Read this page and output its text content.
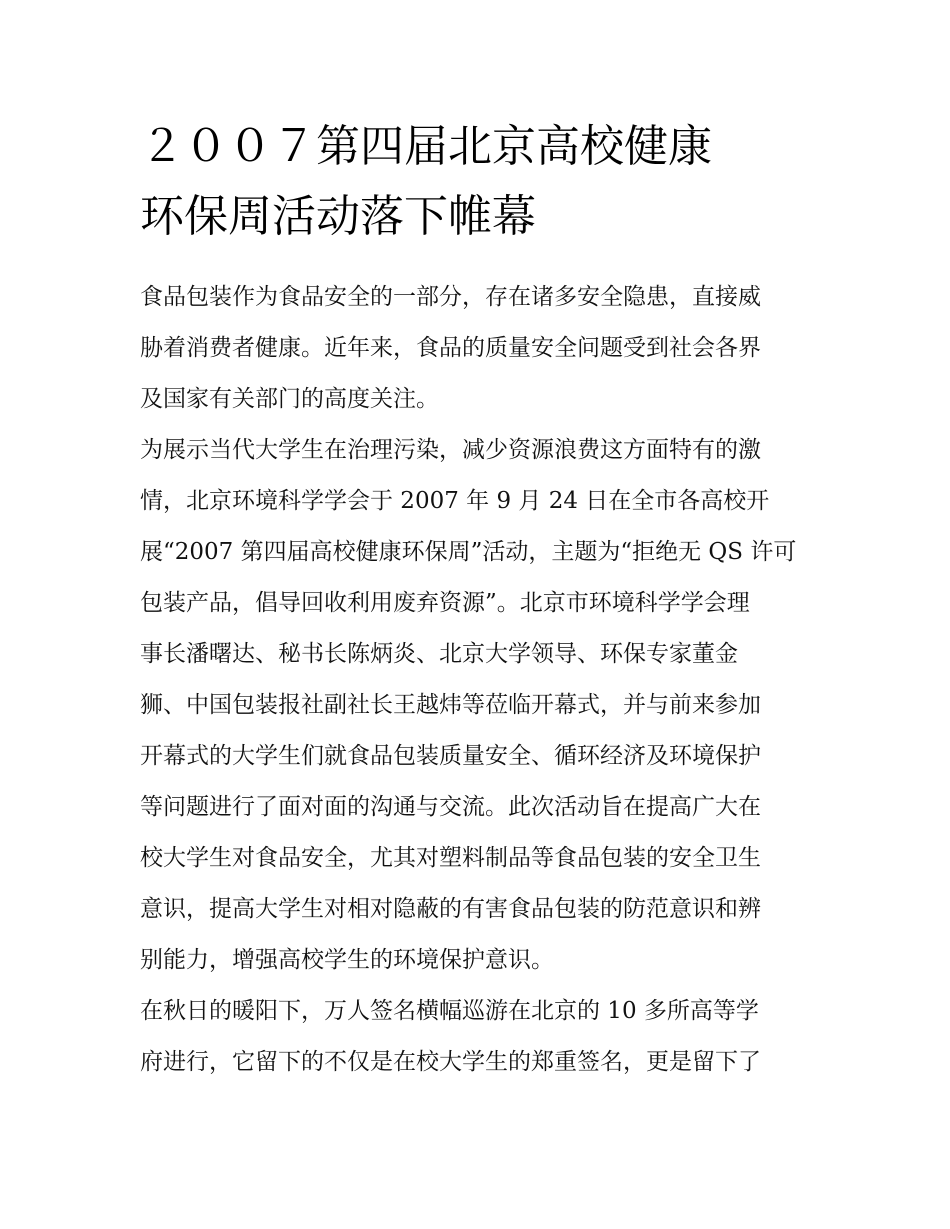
２００７第四届北京高校健康
环保周活动落下帷幕

食品包装作为食品安全的一部分，存在诸多安全隐患，直接威
胁着消费者健康。近年来，食品的质量安全问题受到社会各界
及国家有关部门的高度关注。

为展示当代大学生在治理污染，减少资源浪费这方面特有的激
情，北京环境科学学会于 2007 年 9 月 24 日在全市各高校开
展“2007 第四届高校健康环保周”活动，主题为“拒绝无 QS 许可
包装产品，倡导回收利用废弃资源”。北京市环境科学学会理
事长潘曙达、秘书长陈炳炎、北京大学领导、环保专家董金
狮、中国包装报社副社长王越炜等莅临开幕式，并与前来参加
开幕式的大学生们就食品包装质量安全、循环经济及环境保护
等问题进行了面对面的沟通与交流。此次活动旨在提高广大在
校大学生对食品安全，尤其对塑料制品等食品包装的安全卫生
意识，提高大学生对相对隐蔽的有害食品包装的防范意识和辨
别能力，增强高校学生的环境保护意识。

在秋日的暖阳下，万人签名横幅巡游在北京的 10 多所高等学
府进行，它留下的不仅是在校大学生的郑重签名，更是留下了
